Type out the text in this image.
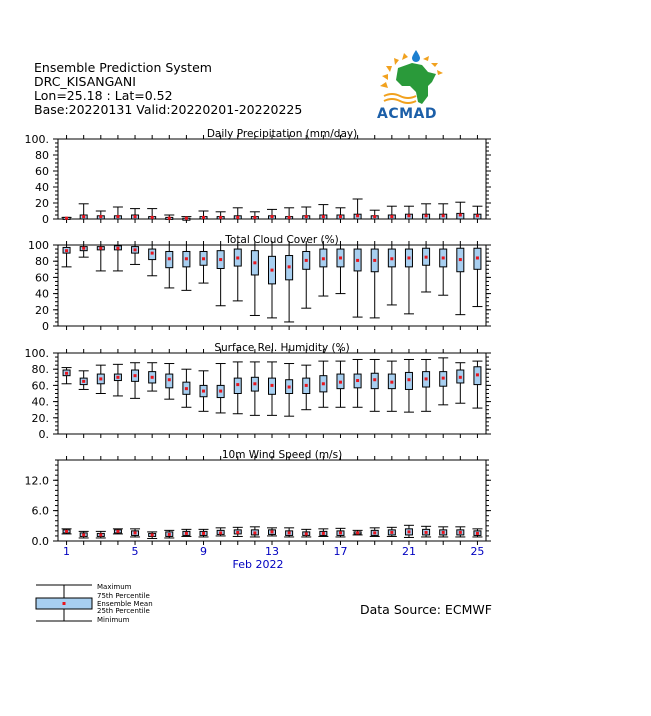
Ensemble Prediction System
DRC_KISANGANI
Lon=25.18 : Lat=0.52
Base:20220131 Valid:20220201-20220225	ACMAD
Daily Precipitation (mm/day)
0
20
40
60
80
100.
Total Cloud Cover (%)
0
20
40
60
80
100
Surface Rel. Humidity (%)
0.
20.
40.
60.
80.
100.
10m Wind Speed (m/s)
0.0
6.0
12.0
1	5	9	13	17	21	25
Feb 2022
Maximum
75th Percentile
Ensemble Mean
25th Percentile
Minimum
Data Source: ECMWF
